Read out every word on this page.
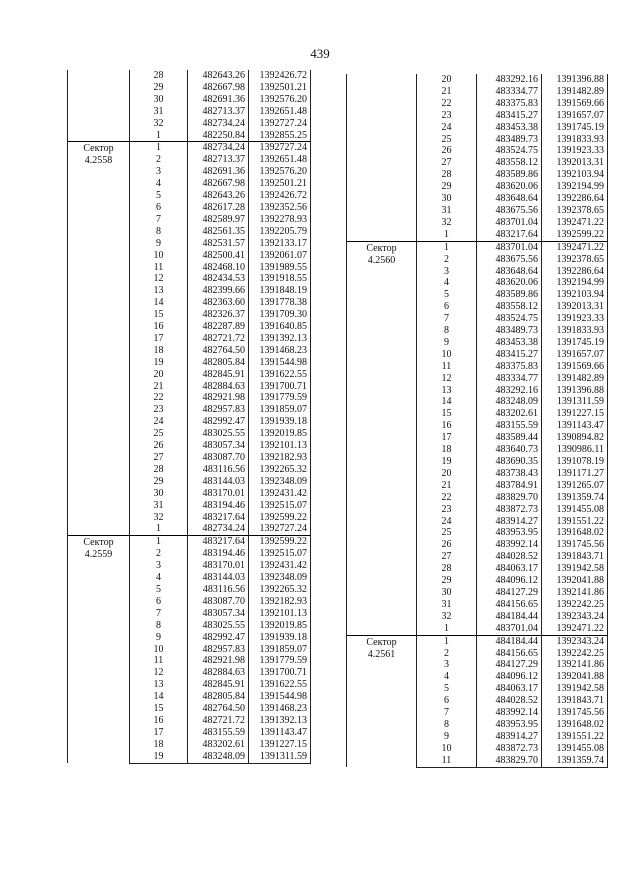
439
	28	482643.26	1392426.72
	29	482667.98	1392501.21
	30	482691.36	1392576.20
	31	482713.37	1392651.48
	32	482734.24	1392727.24
	1	482250.84	1392855.25
Сектор
4.2558	1	482734.24	1392727.24
	2	482713.37	1392651.48
	3	482691.36	1392576.20
	4	482667.98	1392501.21
	5	482643.26	1392426.72
	6	482617.28	1392352.56
	7	482589.97	1392278.93
	8	482561.35	1392205.79
	9	482531.57	1392133.17
	10	482500.41	1392061.07
	11	482468.10	1391989.55
	12	482434.53	1391918.55
	13	482399.66	1391848.19
	14	482363.60	1391778.38
	15	482326.37	1391709.30
	16	482287.89	1391640.85
	17	482721.72	1391392.13
	18	482764.50	1391468.23
	19	482805.84	1391544.98
	20	482845.91	1391622.55
	21	482884.63	1391700.71
	22	482921.98	1391779.59
	23	482957.83	1391859.07
	24	482992.47	1391939.18
	25	483025.55	1392019.85
	26	483057.34	1392101.13
	27	483087.70	1392182.93
	28	483116.56	1392265.32
	29	483144.03	1392348.09
	30	483170.01	1392431.42
	31	483194.46	1392515.07
	32	483217.64	1392599.22
	1	482734.24	1392727.24
Сектор
4.2559	1	483217.64	1392599.22
	2	483194.46	1392515.07
	3	483170.01	1392431.42
	4	483144.03	1392348.09
	5	483116.56	1392265.32
	6	483087.70	1392182.93
	7	483057.34	1392101.13
	8	483025.55	1392019.85
	9	482992.47	1391939.18
	10	482957.83	1391859.07
	11	482921.98	1391779.59
	12	482884.63	1391700.71
	13	482845.91	1391622.55
	14	482805.84	1391544.98
	15	482764.50	1391468.23
	16	482721.72	1391392.13
	17	483155.59	1391143.47
	18	483202.61	1391227.15
	19	483248.09	1391311.59
	20	483292.16	1391396.88
	21	483334.77	1391482.89
	22	483375.83	1391569.66
	23	483415.27	1391657.07
	24	483453.38	1391745.19
	25	483489.73	1391833.93
	26	483524.75	1391923.33
	27	483558.12	1392013.31
	28	483589.86	1392103.94
	29	483620.06	1392194.99
	30	483648.64	1392286.64
	31	483675.56	1392378.65
	32	483701.04	1392471.22
	1	483217.64	1392599.22
Сектор
4.2560	1	483701.04	1392471.22
	2	483675.56	1392378.65
	3	483648.64	1392286.64
	4	483620.06	1392194.99
	5	483589.86	1392103.94
	6	483558.12	1392013.31
	7	483524.75	1391923.33
	8	483489.73	1391833.93
	9	483453.38	1391745.19
	10	483415.27	1391657.07
	11	483375.83	1391569.66
	12	483334.77	1391482.89
	13	483292.16	1391396.88
	14	483248.09	1391311.59
	15	483202.61	1391227.15
	16	483155.59	1391143.47
	17	483589.44	1390894.82
	18	483640.73	1390986.11
	19	483690.35	1391078.19
	20	483738.43	1391171.27
	21	483784.91	1391265.07
	22	483829.70	1391359.74
	23	483872.73	1391455.08
	24	483914.27	1391551.22
	25	483953.95	1391648.02
	26	483992.14	1391745.56
	27	484028.52	1391843.71
	28	484063.17	1391942.58
	29	484096.12	1392041.88
	30	484127.29	1392141.86
	31	484156.65	1392242.25
	32	484184.44	1392343.24
	1	483701.04	1392471.22
Сектор
4.2561	1	484184.44	1392343.24
	2	484156.65	1392242.25
	3	484127.29	1392141.86
	4	484096.12	1392041.88
	5	484063.17	1391942.58
	6	484028.52	1391843.71
	7	483992.14	1391745.56
	8	483953.95	1391648.02
	9	483914.27	1391551.22
	10	483872.73	1391455.08
	11	483829.70	1391359.74
